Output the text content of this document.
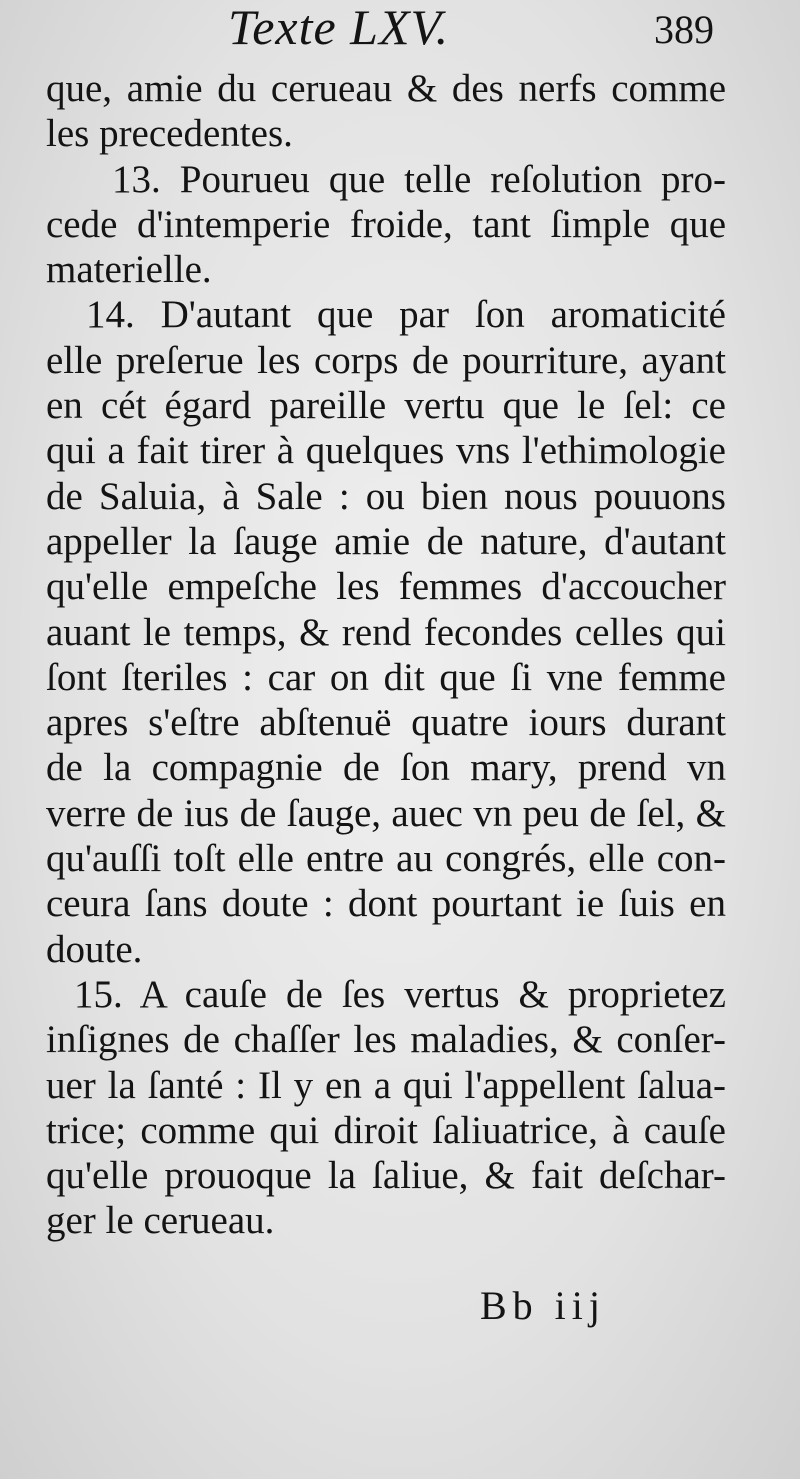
Texte LXV.	389
que, amie du cerueau & des nerfs comme
les precedentes.
13. Pourueu que telle reſolution pro-
cede d'intemperie froide, tant ſimple que
materielle.
14. D'autant que par ſon aromaticité
elle preſerue les corps de pourriture, ayant
en cét égard pareille vertu que le ſel: ce
qui a fait tirer à quelques vns l'ethimologie
de Saluia, à Sale : ou bien nous pouuons
appeller la ſauge amie de nature, d'autant
qu'elle empeſche les femmes d'accoucher
auant le temps, & rend fecondes celles qui
ſont ſteriles : car on dit que ſi vne femme
apres s'eſtre abſtenuë quatre iours durant
de la compagnie de ſon mary, prend vn
verre de ius de ſauge, auec vn peu de ſel, &
qu'auſſi toſt elle entre au congrés, elle con-
ceura ſans doute : dont pourtant ie ſuis en
doute.
15. A cauſe de ſes vertus & proprietez
inſignes de chaſſer les maladies, & conſer-
uer la ſanté : Il y en a qui l'appellent ſalua-
trice; comme qui diroit ſaliuatrice, à cauſe
qu'elle prouoque la ſaliue, & fait deſchar-
ger le cerueau.
Bb iij
